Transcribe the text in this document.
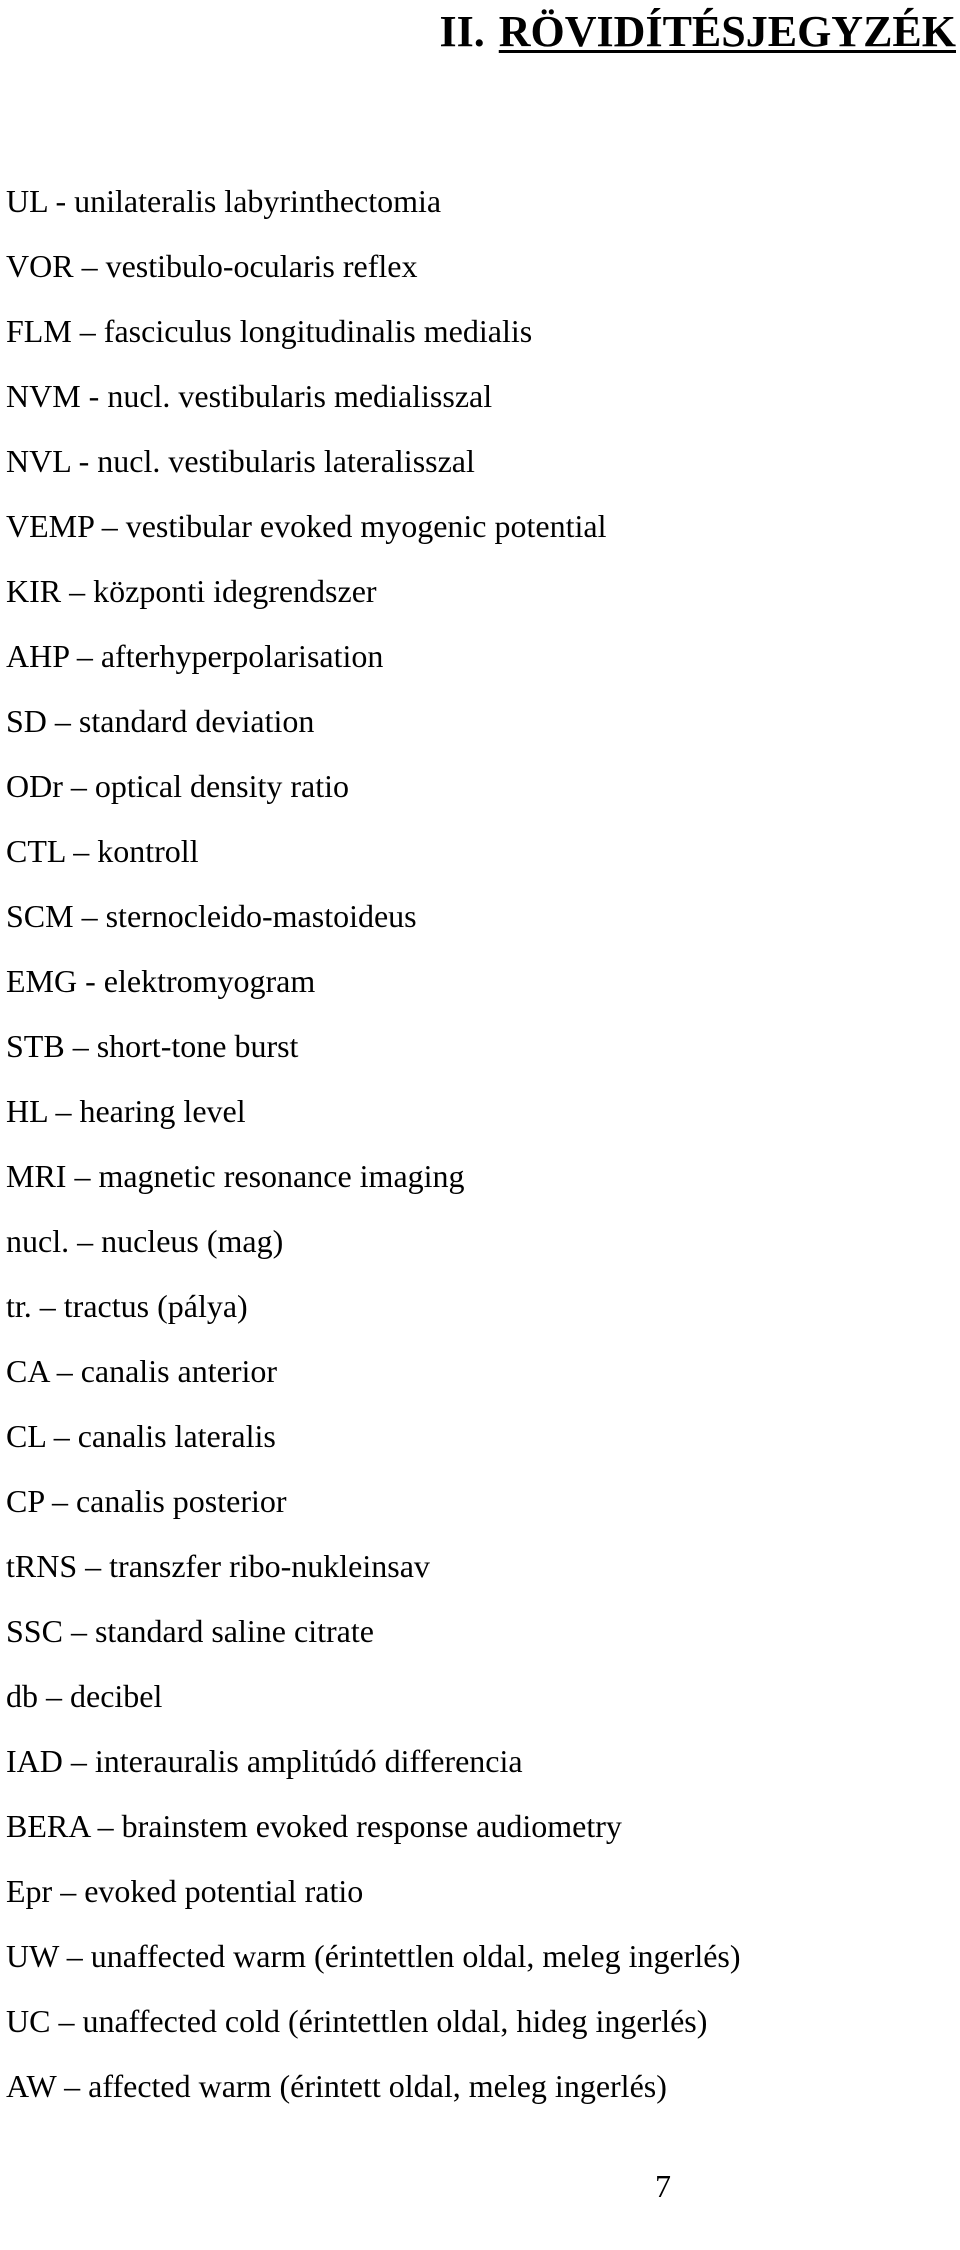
II. RÖVIDÍTÉSJEGYZÉK
UL - unilateralis labyrinthectomia
VOR – vestibulo-ocularis reflex
FLM – fasciculus longitudinalis medialis
NVM - nucl. vestibularis medialisszal
NVL - nucl. vestibularis lateralisszal
VEMP – vestibular evoked myogenic potential
KIR – központi idegrendszer
AHP – afterhyperpolarisation
SD – standard deviation
ODr – optical density ratio
CTL – kontroll
SCM – sternocleido-mastoideus
EMG - elektromyogram
STB – short-tone burst
HL – hearing level
MRI – magnetic resonance imaging
nucl. – nucleus (mag)
tr. – tractus (pálya)
CA – canalis anterior
CL – canalis lateralis
CP – canalis posterior
tRNS – transzfer ribo-nukleinsav
SSC – standard saline citrate
db – decibel
IAD – interauralis amplitúdó differencia
BERA – brainstem evoked response audiometry
Epr – evoked potential ratio
UW – unaffected warm (érintettlen oldal, meleg ingerlés)
UC – unaffected cold (érintettlen oldal, hideg ingerlés)
AW – affected warm (érintett oldal, meleg ingerlés)
7
